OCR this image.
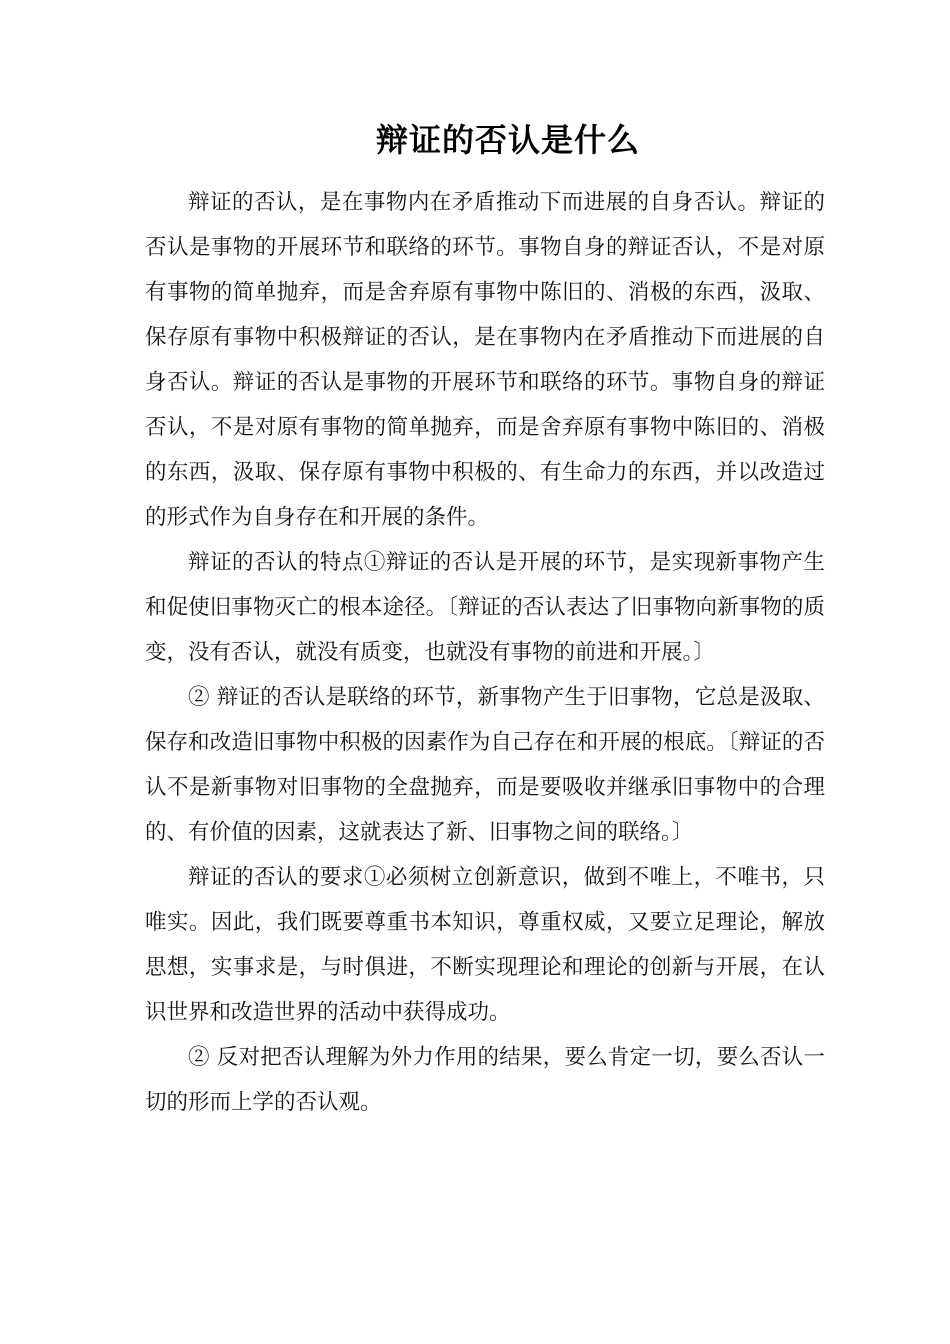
辩证的否认是什么

辩证的否认，是在事物内在矛盾推动下而进展的自身否认。辩证的否认是事物的开展环节和联络的环节。事物自身的辩证否认，不是对原有事物的简单抛弃，而是舍弃原有事物中陈旧的、消极的东西，汲取、保存原有事物中积极辩证的否认，是在事物内在矛盾推动下而进展的自身否认。辩证的否认是事物的开展环节和联络的环节。事物自身的辩证否认，不是对原有事物的简单抛弃，而是舍弃原有事物中陈旧的、消极的东西，汲取、保存原有事物中积极的、有生命力的东西，并以改造过的形式作为自身存在和开展的条件。

辩证的否认的特点①辩证的否认是开展的环节，是实现新事物产生和促使旧事物灭亡的根本途径。〔辩证的否认表达了旧事物向新事物的质变，没有否认，就没有质变，也就没有事物的前进和开展。〕

② 辩证的否认是联络的环节，新事物产生于旧事物，它总是汲取、保存和改造旧事物中积极的因素作为自己存在和开展的根底。〔辩证的否认不是新事物对旧事物的全盘抛弃，而是要吸收并继承旧事物中的合理的、有价值的因素，这就表达了新、旧事物之间的联络。〕

辩证的否认的要求①必须树立创新意识，做到不唯上，不唯书，只唯实。因此，我们既要尊重书本知识，尊重权威，又要立足理论，解放思想，实事求是，与时俱进，不断实现理论和理论的创新与开展，在认识世界和改造世界的活动中获得成功。

② 反对把否认理解为外力作用的结果，要么肯定一切，要么否认一切的形而上学的否认观。
